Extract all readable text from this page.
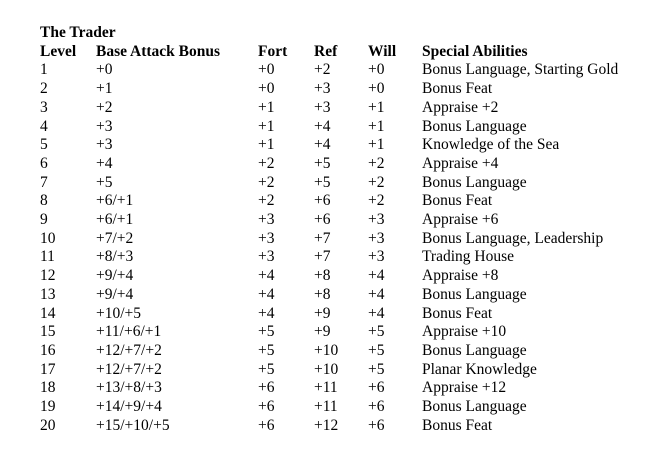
The Trader
Level	Base Attack Bonus	Fort	Ref	Will	Special Abilities
1	+0	+0	+2	+0	Bonus Language, Starting Gold
2	+1	+0	+3	+0	Bonus Feat
3	+2	+1	+3	+1	Appraise +2
4	+3	+1	+4	+1	Bonus Language
5	+3	+1	+4	+1	Knowledge of the Sea
6	+4	+2	+5	+2	Appraise +4
7	+5	+2	+5	+2	Bonus Language
8	+6/+1	+2	+6	+2	Bonus Feat
9	+6/+1	+3	+6	+3	Appraise +6
10	+7/+2	+3	+7	+3	Bonus Language, Leadership
11	+8/+3	+3	+7	+3	Trading House
12	+9/+4	+4	+8	+4	Appraise +8
13	+9/+4	+4	+8	+4	Bonus Language
14	+10/+5	+4	+9	+4	Bonus Feat
15	+11/+6/+1	+5	+9	+5	Appraise +10
16	+12/+7/+2	+5	+10	+5	Bonus Language
17	+12/+7/+2	+5	+10	+5	Planar Knowledge
18	+13/+8/+3	+6	+11	+6	Appraise +12
19	+14/+9/+4	+6	+11	+6	Bonus Language
20	+15/+10/+5	+6	+12	+6	Bonus Feat
